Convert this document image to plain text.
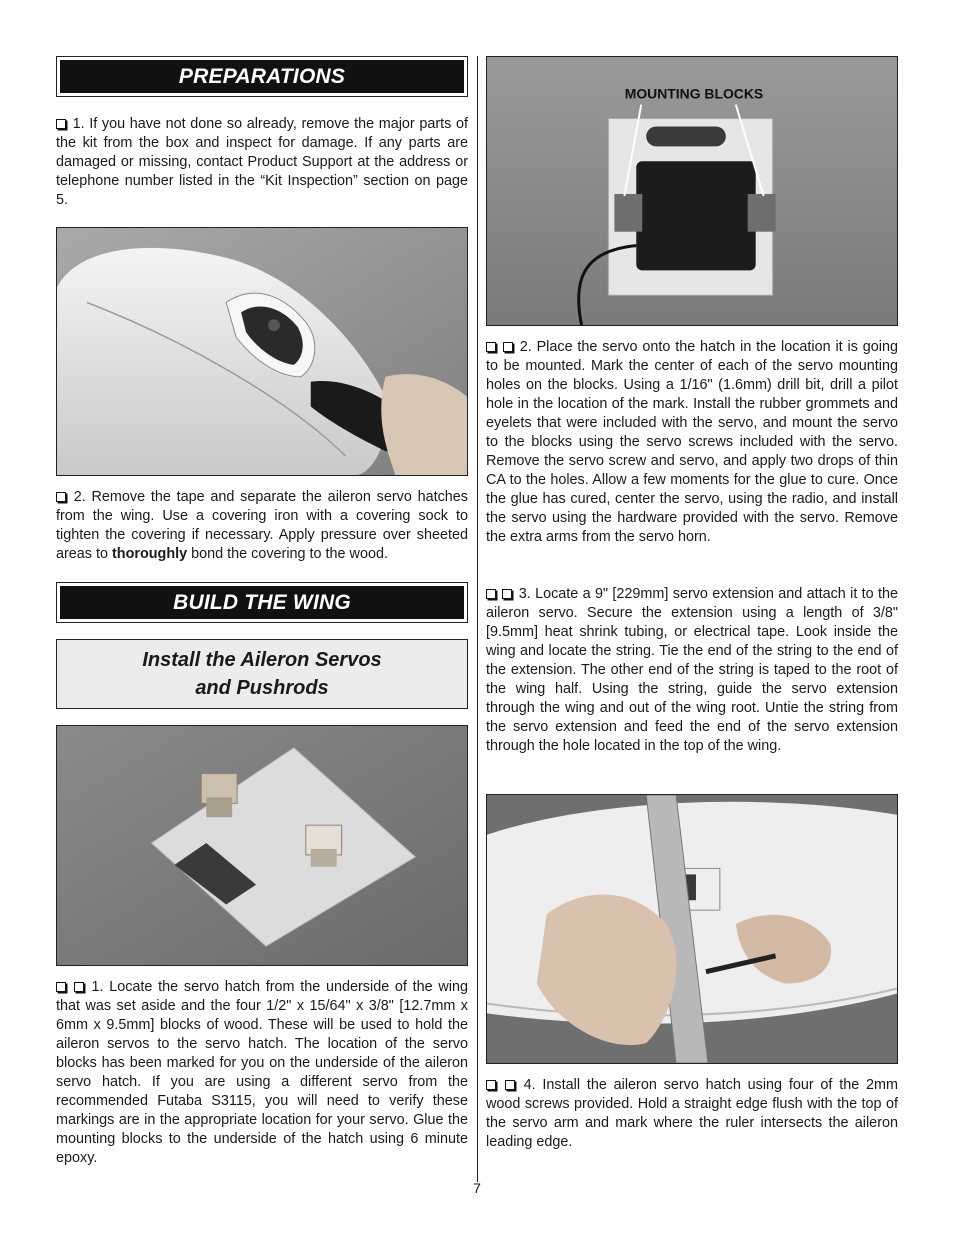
PREPARATIONS

1. If you have not done so already, remove the major parts of the kit from the box and inspect for damage. If any parts are damaged or missing, contact Product Support at the address or telephone number listed in the “Kit Inspection” section on page 5.

2. Remove the tape and separate the aileron servo hatches from the wing. Use a covering iron with a covering sock to tighten the covering if necessary. Apply pressure over sheeted areas to thoroughly bond the covering to the wood.

BUILD THE WING
Install the Aileron Servos
and Pushrods

1. Locate the servo hatch from the underside of the wing that was set aside and the four 1/2" x 15/64" x 3/8" [12.7mm x 6mm x 9.5mm] blocks of wood. These will be used to hold the aileron servos to the servo hatch. The location of the servo blocks has been marked for you on the underside of the aileron servo hatch. If you are using a different servo from the recommended Futaba S3115, you will need to verify these markings are in the appropriate location for your servo. Glue the mounting blocks to the underside of the hatch using 6 minute epoxy.

MOUNTING BLOCKS

2. Place the servo onto the hatch in the location it is going to be mounted. Mark the center of each of the servo mounting holes on the blocks. Using a 1/16" (1.6mm) drill bit, drill a pilot hole in the location of the mark. Install the rubber grommets and eyelets that were included with the servo, and mount the servo to the blocks using the servo screws included with the servo. Remove the servo screw and servo, and apply two drops of thin CA to the holes. Allow a few moments for the glue to cure. Once the glue has cured, center the servo, using the radio, and install the servo using the hardware provided with the servo. Remove the extra arms from the servo horn.

3. Locate a 9" [229mm] servo extension and attach it to the aileron servo. Secure the extension using a length of 3/8" [9.5mm] heat shrink tubing, or electrical tape. Look inside the wing and locate the string. Tie the end of the string to the end of the extension. The other end of the string is taped to the root of the wing half. Using the string, guide the servo extension through the wing and out of the wing root. Untie the string from the servo extension and feed the end of the servo extension through the hole located in the top of the wing.

4. Install the aileron servo hatch using four of the 2mm wood screws provided. Hold a straight edge flush with the top of the servo arm and mark where the ruler intersects the aileron leading edge.

7
